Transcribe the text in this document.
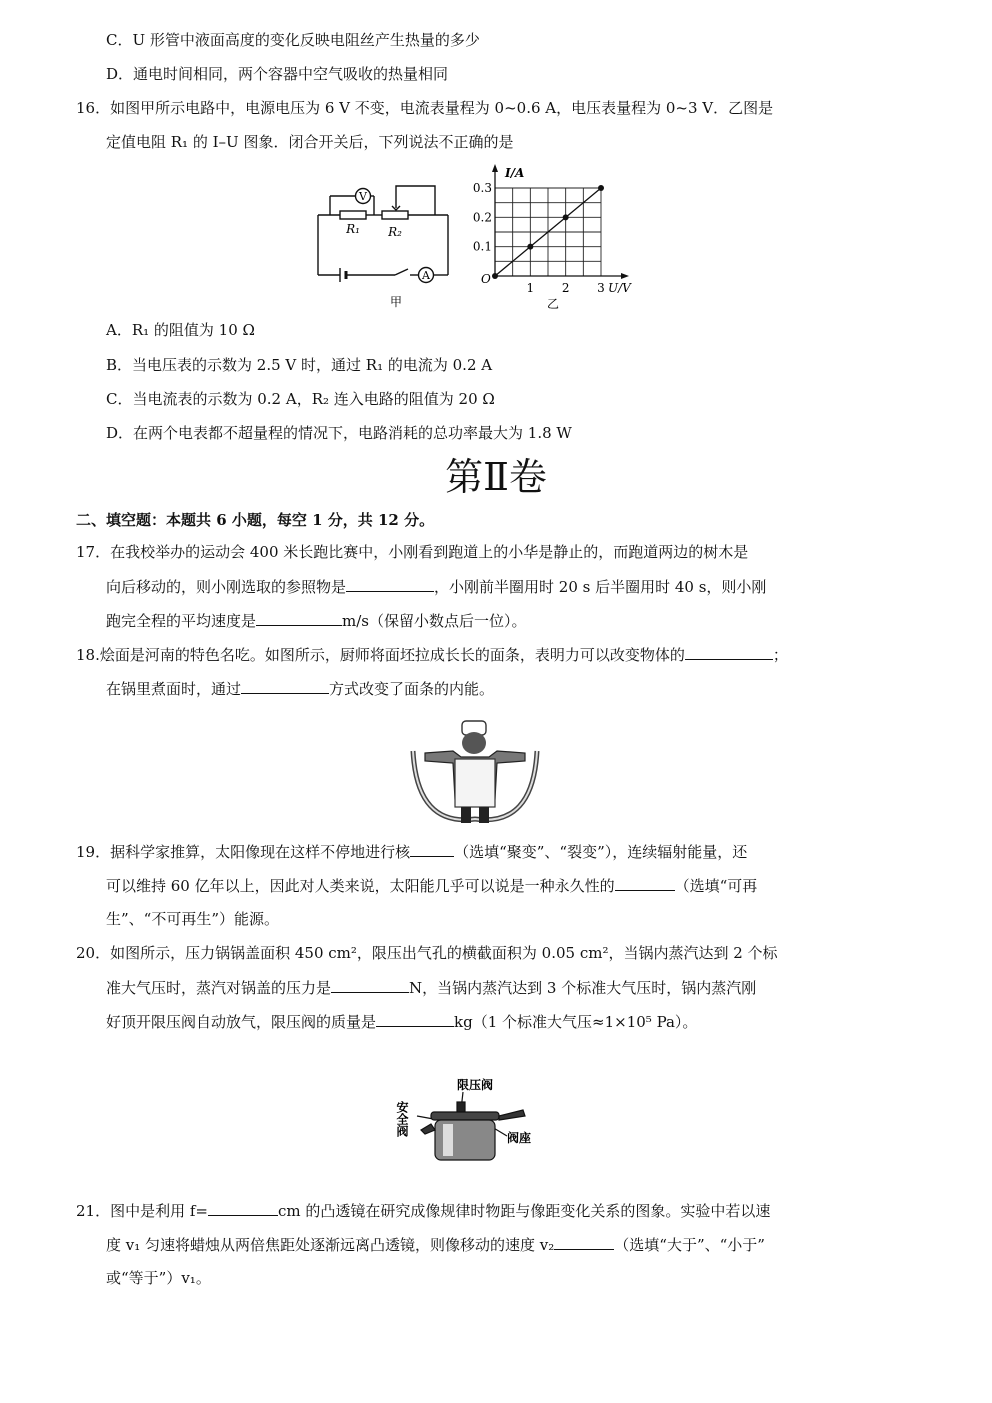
C．U 形管中液面高度的变化反映电阻丝产生热量的多少
D．通电时间相同，两个容器中空气吸收的热量相同
16．如图甲所示电路中，电源电压为 6 V 不变，电流表量程为 0~0.6 A，电压表量程为 0~3 V．乙图是
定值电阻 R₁ 的 I–U 图象．闭合开关后，下列说法不正确的是
V
A
R₁ R₂
甲
I/A
U/V
O
乙
1 2 3
0.1
0.2
0.3
A．R₁ 的阻值为 10 Ω
B．当电压表的示数为 2.5 V 时，通过 R₁ 的电流为 0.2 A
C．当电流表的示数为 0.2 A，R₂ 连入电路的阻值为 20 Ω
D．在两个电表都不超量程的情况下，电路消耗的总功率最大为 1.8 W
第Ⅱ卷
二、填空题：本题共 6 小题，每空 1 分，共 12 分。
17．在我校举办的运动会 400 米长跑比赛中，小刚看到跑道上的小华是静止的，而跑道两边的树木是
向后移动的，则小刚选取的参照物是	，小刚前半圈用时 20 s 后半圈用时 40 s，则小刚
跑完全程的平均速度是	m/s（保留小数点后一位）。
18.烩面是河南的特色名吃。如图所示，厨师将面坯拉成长长的面条，表明力可以改变物体的	；
在锅里煮面时，通过	方式改变了面条的内能。
19．据科学家推算，太阳像现在这样不停地进行核	（选填“聚变”、“裂变”），连续辐射能量，还
可以维持 60 亿年以上，因此对人类来说，太阳能几乎可以说是一种永久性的	（选填“可再
生”、“不可再生”）能源。
20．如图所示，压力锅锅盖面积 450 cm²，限压出气孔的横截面积为 0.05 cm²，当锅内蒸汽达到 2 个标
准大气压时，蒸汽对锅盖的压力是	N，当锅内蒸汽达到 3 个标准大气压时，锅内蒸汽刚
好顶开限压阀自动放气，限压阀的质量是	kg（1 个标准大气压≈1×10⁵ Pa）。
限压阀
安全阀
阀座
21．图中是利用 f=	cm 的凸透镜在研究成像规律时物距与像距变化关系的图象。实验中若以速
度 v₁ 匀速将蜡烛从两倍焦距处逐渐远离凸透镜，则像移动的速度 v₂	（选填“大于”、“小于”
或“等于”）v₁。
